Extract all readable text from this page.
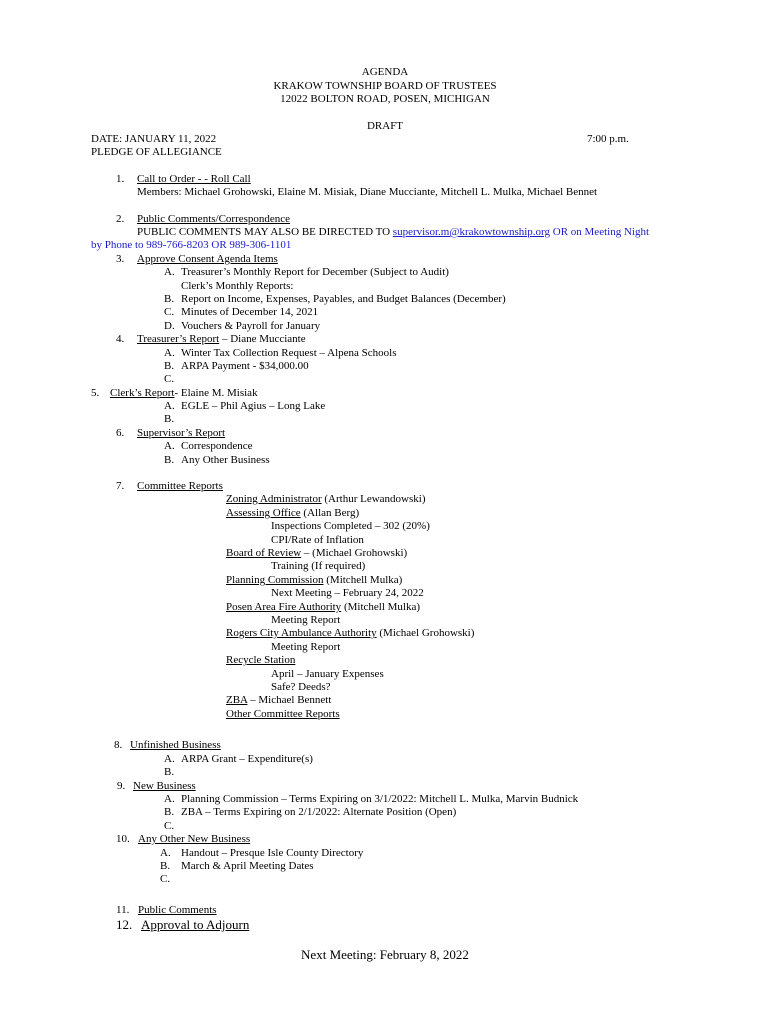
AGENDA
KRAKOW TOWNSHIP BOARD OF TRUSTEES
12022 BOLTON ROAD, POSEN, MICHIGAN
DRAFT
DATE: JANUARY 11, 2022	7:00 p.m.
PLEDGE OF ALLEGIANCE
1. Call to Order - - Roll Call
Members: Michael Grohowski, Elaine M. Misiak, Diane Mucciante, Mitchell L. Mulka, Michael Bennet
2. Public Comments/Correspondence
PUBLIC COMMENTS MAY ALSO BE DIRECTED TO supervisor.m@krakowtownship.org OR on Meeting Night
by Phone to 989-766-8203 OR 989-306-1101
3. Approve Consent Agenda Items
A. Treasurer’s Monthly Report for December (Subject to Audit)
Clerk’s Monthly Reports:
B. Report on Income, Expenses, Payables, and Budget Balances (December)
C. Minutes of December 14, 2021
D. Vouchers & Payroll for January
4. Treasurer’s Report – Diane Mucciante
A. Winter Tax Collection Request – Alpena Schools
B. ARPA Payment - $34,000.00
C.
5. Clerk’s Report- Elaine M. Misiak
A. EGLE – Phil Agius – Long Lake
B.
6. Supervisor’s Report
A. Correspondence
B. Any Other Business
7. Committee Reports
Zoning Administrator (Arthur Lewandowski)
Assessing Office (Allan Berg)
Inspections Completed – 302 (20%)
CPI/Rate of Inflation
Board of Review – (Michael Grohowski)
Training (If required)
Planning Commission (Mitchell Mulka)
Next Meeting – February 24, 2022
Posen Area Fire Authority (Mitchell Mulka)
Meeting Report
Rogers City Ambulance Authority (Michael Grohowski)
Meeting Report
Recycle Station
April – January Expenses
Safe? Deeds?
ZBA – Michael Bennett
Other Committee Reports
8. Unfinished Business
A. ARPA Grant – Expenditure(s)
B.
9. New Business
A. Planning Commission – Terms Expiring on 3/1/2022: Mitchell L. Mulka, Marvin Budnick
B. ZBA – Terms Expiring on 2/1/2022: Alternate Position (Open)
C.
10. Any Other New Business
A. Handout – Presque Isle County Directory
B. March & April Meeting Dates
C.
11. Public Comments
12. Approval to Adjourn
Next Meeting: February 8, 2022
